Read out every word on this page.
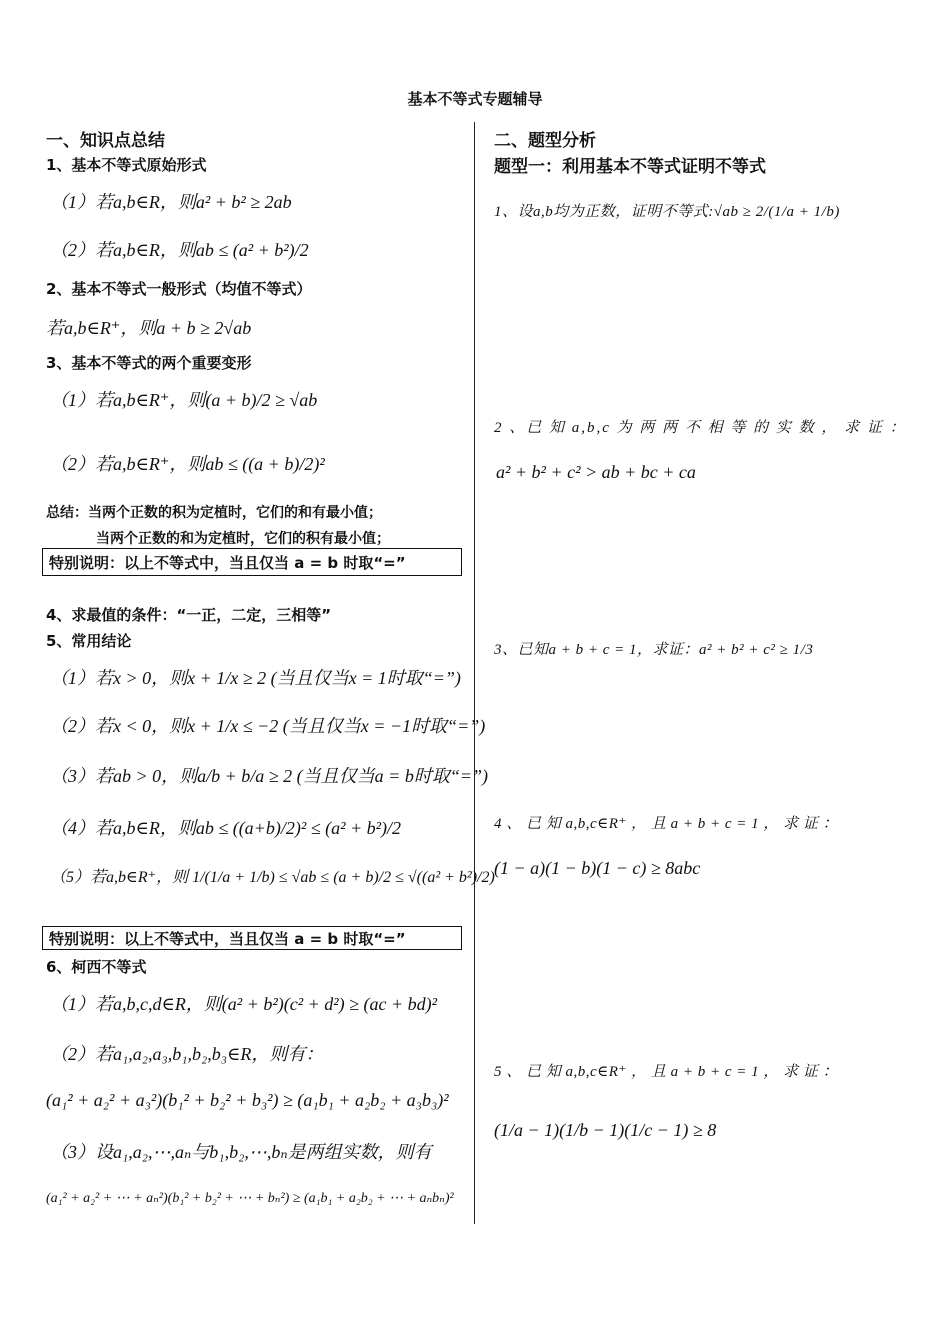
基本不等式专题辅导
一、知识点总结
1、基本不等式原始形式
（1）若a,b∈R，则a² + b² ≥ 2ab
（2）若a,b∈R，则ab ≤ (a² + b²)/2
2、基本不等式一般形式（均值不等式）
若a,b∈R⁺，则a + b ≥ 2√ab
3、基本不等式的两个重要变形
（1）若a,b∈R⁺，则(a + b)/2 ≥ √ab
（2）若a,b∈R⁺，则ab ≤ ((a + b)/2)²
总结：当两个正数的积为定植时，它们的和有最小值；
当两个正数的和为定植时，它们的积有最小值；
特别说明：以上不等式中，当且仅当 a = b 时取“=”
4、求最值的条件：“一正，二定，三相等”
5、常用结论
（1）若x > 0，则x + 1/x ≥ 2 (当且仅当x = 1时取“=”)
（2）若x < 0，则x + 1/x ≤ −2 (当且仅当x = −1时取“=”)
（3）若ab > 0，则a/b + b/a ≥ 2 (当且仅当a = b时取“=”)
（4）若a,b∈R，则ab ≤ ((a+b)/2)² ≤ (a² + b²)/2
（5）若a,b∈R⁺，则 1/(1/a + 1/b) ≤ √ab ≤ (a + b)/2 ≤ √((a² + b²)/2)
特别说明：以上不等式中，当且仅当 a = b 时取“=”
6、柯西不等式
（1）若a,b,c,d∈R，则(a² + b²)(c² + d²) ≥ (ac + bd)²
（2）若a₁,a₂,a₃,b₁,b₂,b₃∈R，则有：
(a₁² + a₂² + a₃²)(b₁² + b₂² + b₃²) ≥ (a₁b₁ + a₂b₂ + a₃b₃)²
（3）设a₁,a₂,⋯,aₙ与b₁,b₂,⋯,bₙ是两组实数，则有
(a₁² + a₂² + ⋯ + aₙ²)(b₁² + b₂² + ⋯ + bₙ²) ≥ (a₁b₁ + a₂b₂ + ⋯ + aₙbₙ)²
二、题型分析
题型一：利用基本不等式证明不等式
1、设a,b均为正数，证明不等式:√ab ≥ 2/(1/a + 1/b)
2 、已 知 a,b,c 为 两 两 不 相 等 的 实 数 ， 求 证 ：
a² + b² + c² > ab + bc + ca
3、已知a + b + c = 1，求证：a² + b² + c² ≥ 1/3
4 、 已 知 a,b,c∈R⁺ ， 且 a + b + c = 1 ， 求 证 ：
(1 − a)(1 − b)(1 − c) ≥ 8abc
5 、 已 知 a,b,c∈R⁺ ， 且 a + b + c = 1 ， 求 证 ：
(1/a − 1)(1/b − 1)(1/c − 1) ≥ 8
